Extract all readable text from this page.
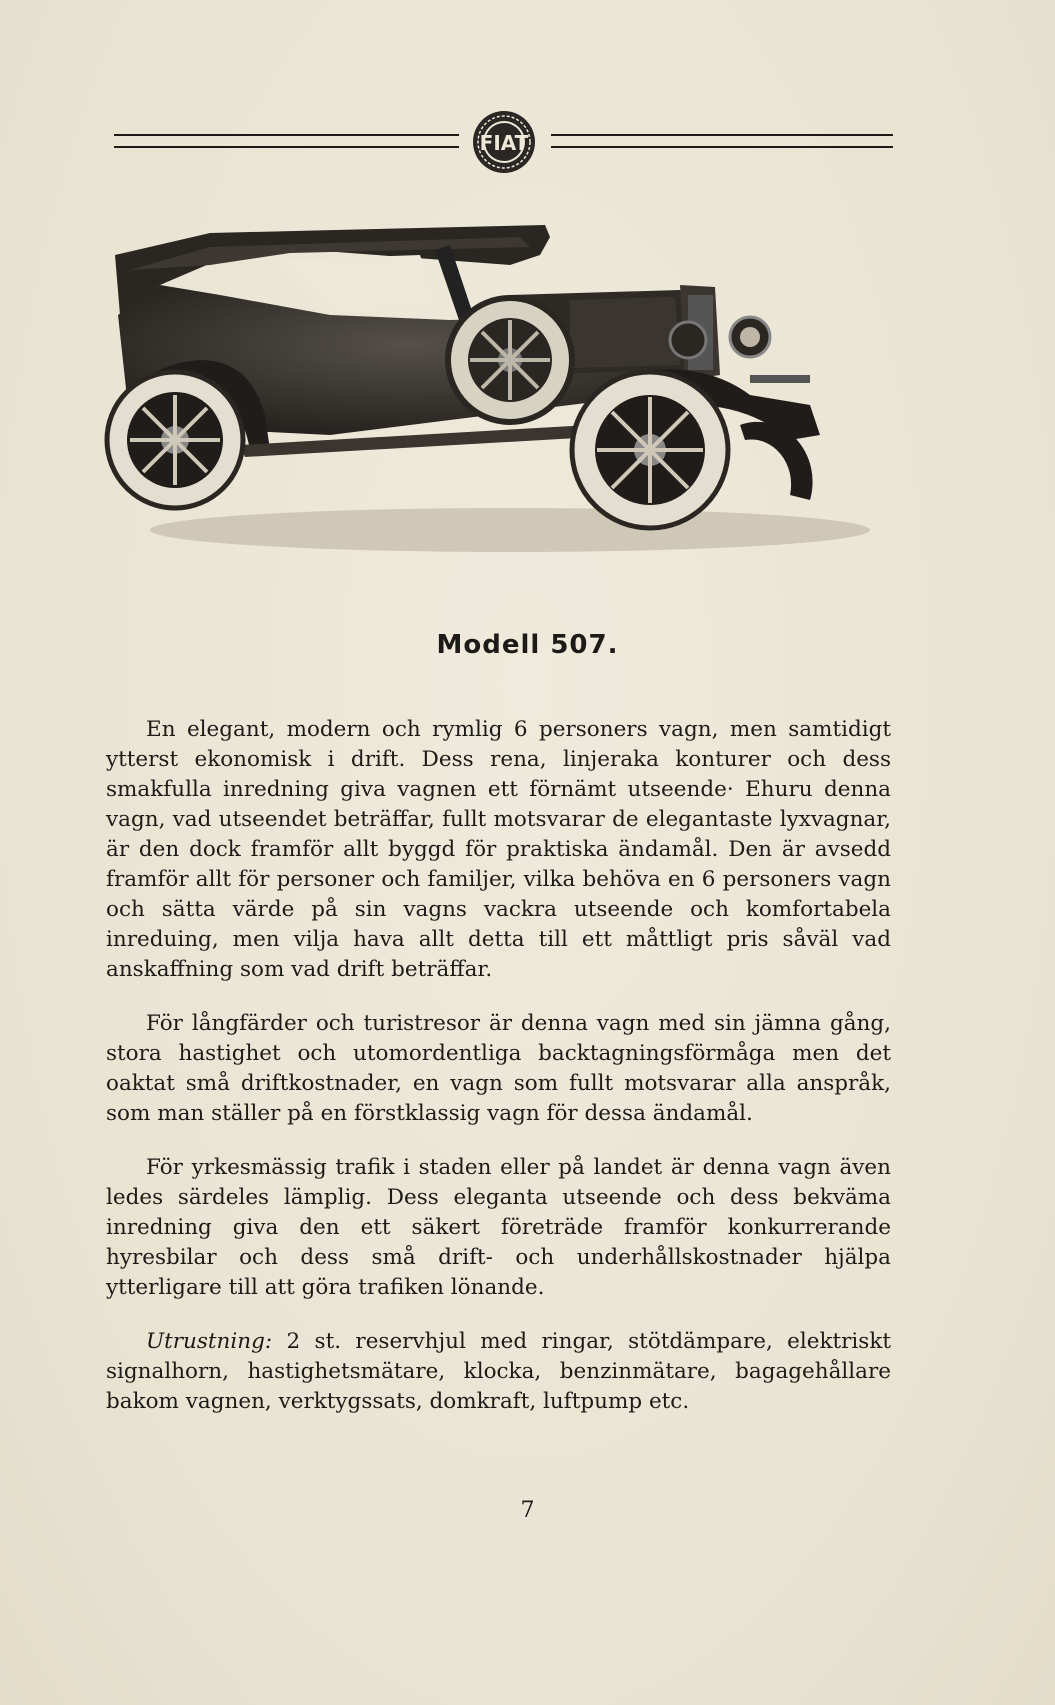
FIAT
Modell 507.

En elegant, modern och rymlig 6 personers vagn, men samtidigt ytterst ekonomisk i drift. Dess rena, linjeraka konturer och dess smakfulla inredning giva vagnen ett förnämt utseende· Ehuru denna vagn, vad utseendet beträffar, fullt motsvarar de elegantaste lyxvagnar, är den dock framför allt byggd för praktiska ändamål. Den är avsedd framför allt för personer och familjer, vilka behöva en 6 personers vagn och sätta värde på sin vagns vackra utseende och komfortabela inreduing, men vilja hava allt detta till ett måttligt pris såväl vad anskaffning som vad drift beträffar.

För långfärder och turistresor är denna vagn med sin jämna gång, stora hastighet och utomordentliga backtagningsförmåga men det oaktat små driftkostnader, en vagn som fullt motsvarar alla anspråk, som man ställer på en förstklassig vagn för dessa ändamål.

För yrkesmässig trafik i staden eller på landet är denna vagn även ledes särdeles lämplig. Dess eleganta utseende och dess bekväma inredning giva den ett säkert företräde framför konkurrerande hyresbilar och dess små drift- och underhållskostnader hjälpa ytterligare till att göra trafiken lönande.

Utrustning: 2 st. reservhjul med ringar, stötdämpare, elektriskt signalhorn, hastighetsmätare, klocka, benzinmätare, bagagehållare bakom vagnen, verktygssats, domkraft, luftpump etc.

7
